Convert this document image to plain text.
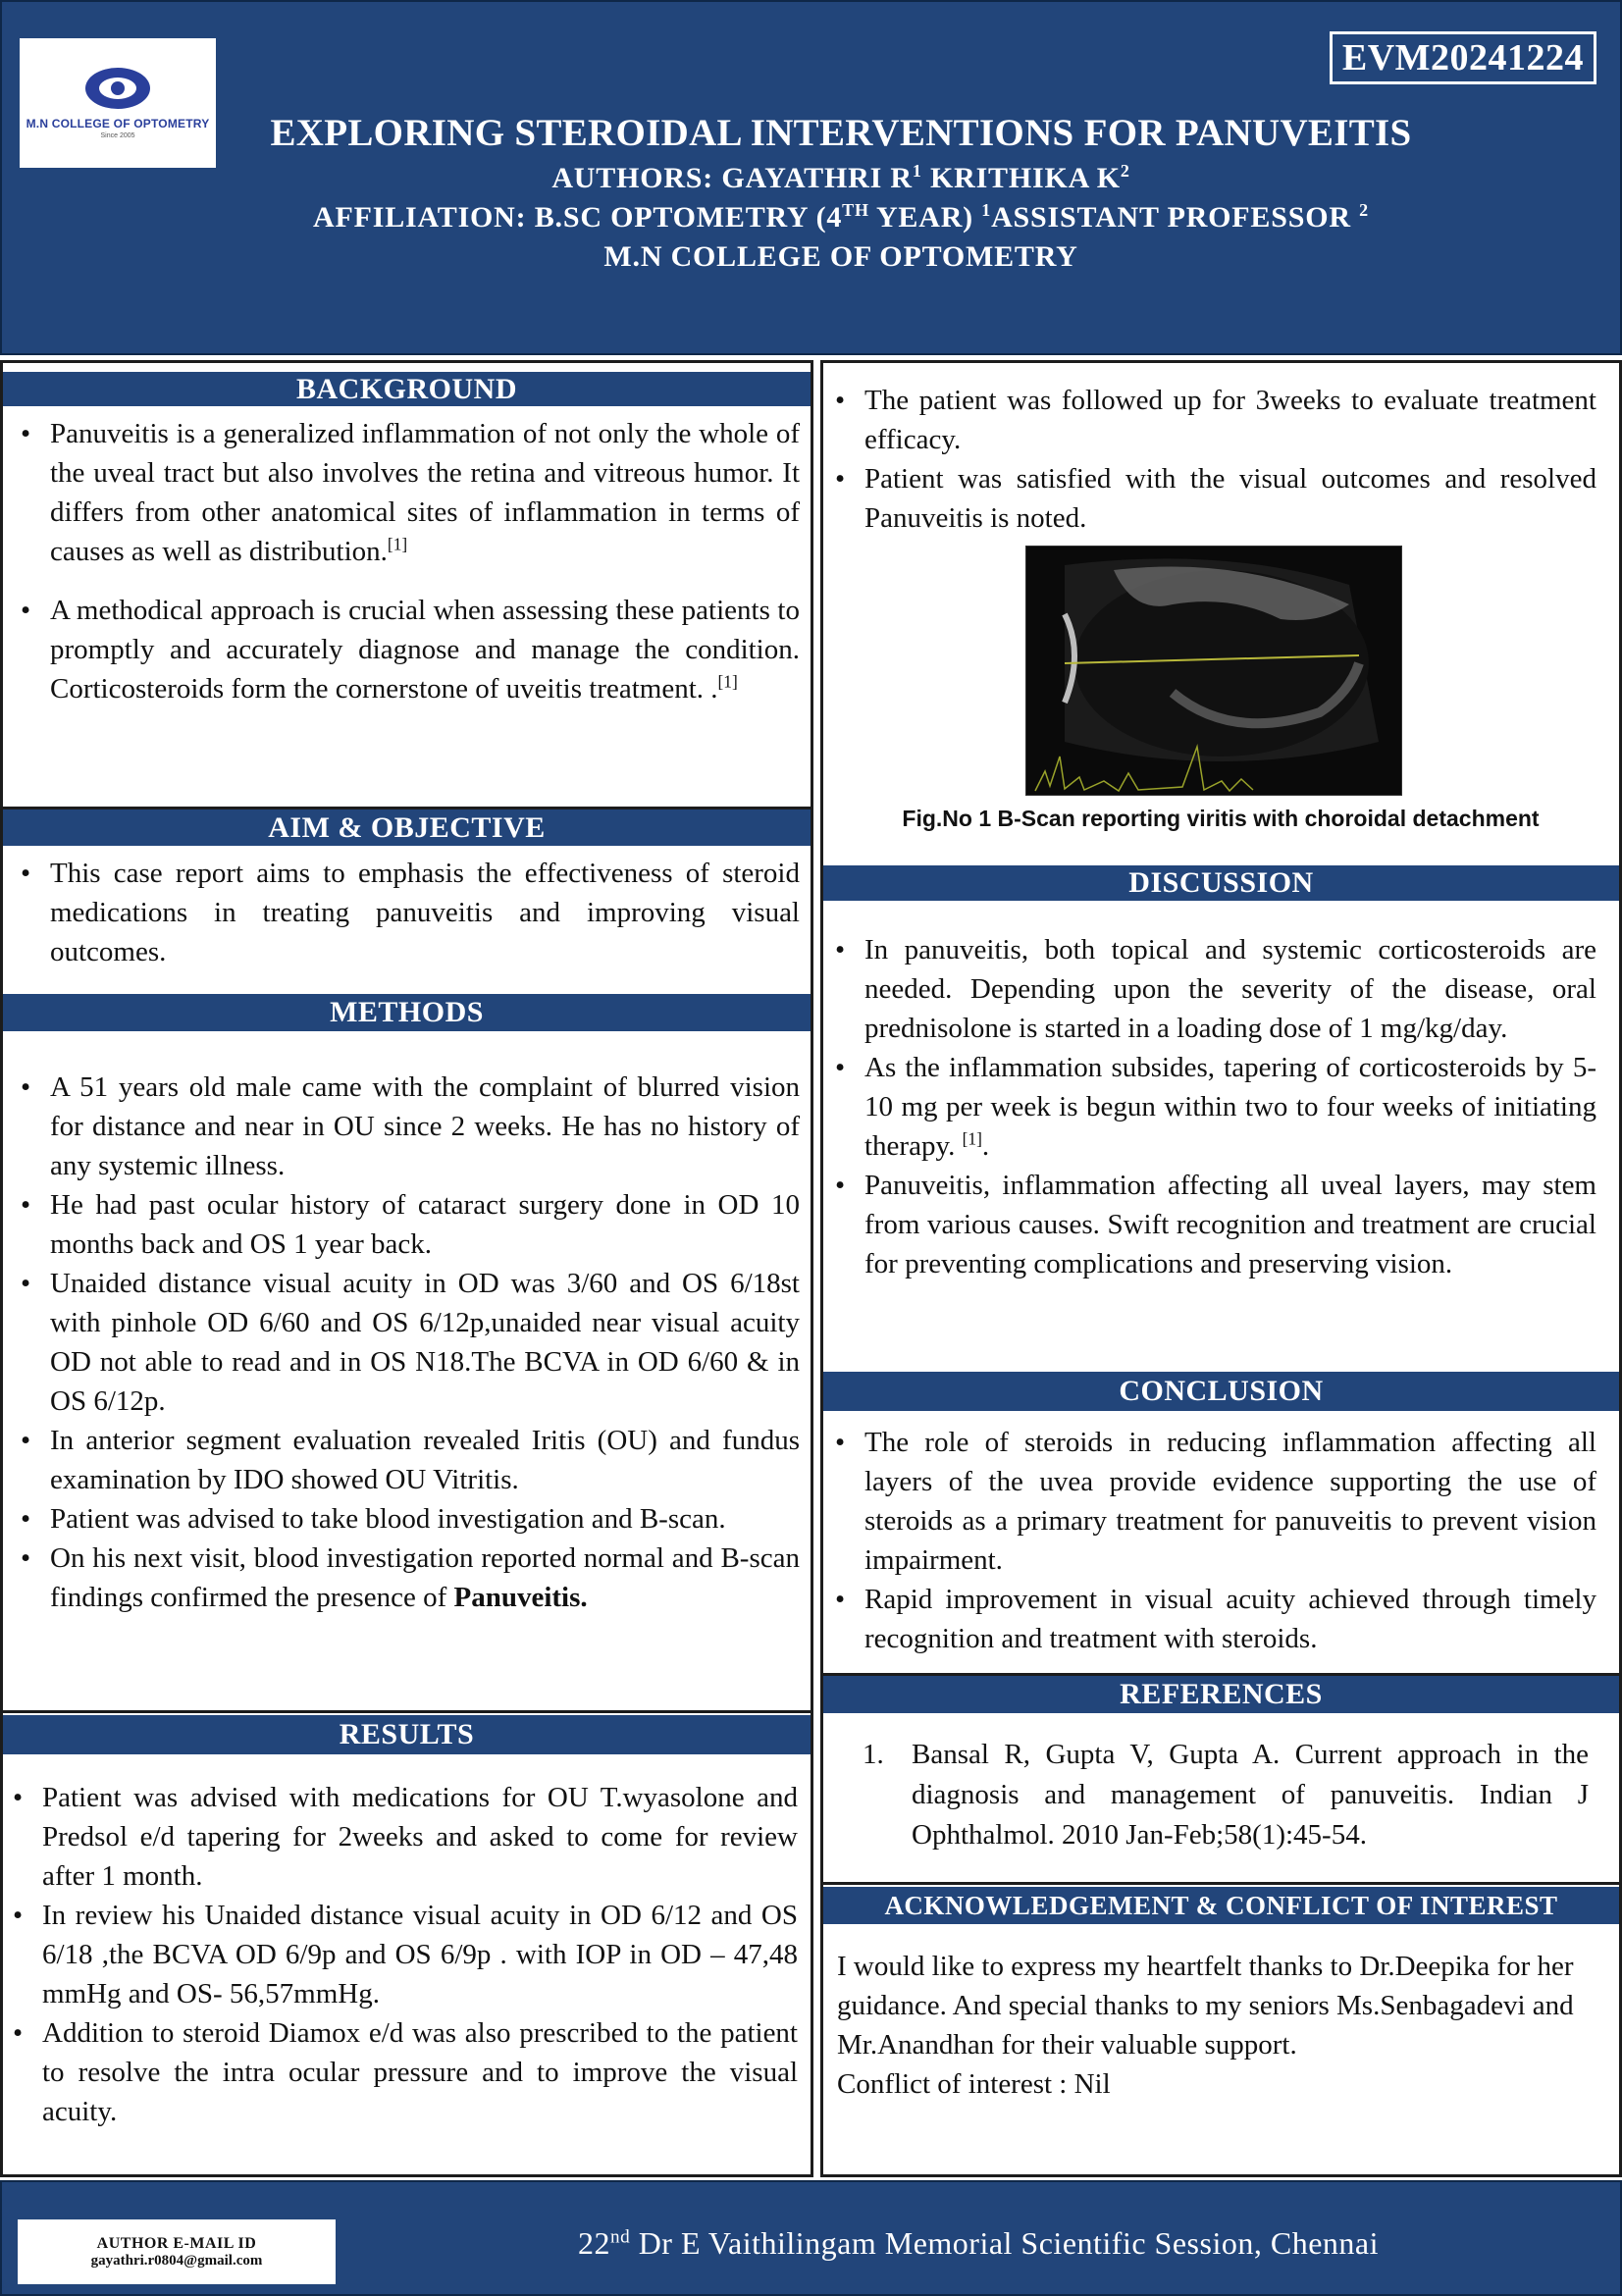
M.N COLLEGE OF OPTOMETRY
Since 2005
EVM20241224
EXPLORING STEROIDAL INTERVENTIONS FOR PANUVEITIS
AUTHORS: GAYATHRI $R^1$ KRITHIKA $K^2$
AFFILIATION: B.SC OPTOMETRY (4TH YEAR) $^1$ASSISTANT PROFESSOR $^2$
M.N COLLEGE OF OPTOMETRY
BACKGROUND
• Panuveitis is a generalized inflammation of not only the whole of the uveal tract but also involves the retina and vitreous humor. It differs from other anatomical sites of inflammation in terms of causes as well as distribution.[1]
• A methodical approach is crucial when assessing these patients to promptly and accurately diagnose and manage the condition. Corticosteroids form the cornerstone of uveitis treatment. .[1]
AIM & OBJECTIVE
• This case report aims to emphasis the effectiveness of steroid medications in treating panuveitis and improving visual outcomes.
METHODS
• A 51 years old male came with the complaint of blurred vision for distance and near in OU since 2 weeks. He has no history of any systemic illness.
• He had past ocular history of cataract surgery done in OD 10 months back and OS 1 year back.
• Unaided distance visual acuity in OD was 3/60 and OS 6/18st with pinhole OD 6/60 and OS 6/12p,unaided near visual acuity OD not able to read and in OS N18.The BCVA in OD 6/60 & in OS 6/12p.
• In anterior segment evaluation revealed Iritis (OU) and fundus examination by IDO showed OU Vitritis.
• Patient was advised to take blood investigation and B-scan.
• On his next visit, blood investigation reported normal and B-scan findings confirmed the presence of Panuveitis.
RESULTS
• Patient was advised with medications for OU T.wyasolone and Predsol e/d tapering for 2weeks and asked to come for review after 1 month.
• In review his Unaided distance visual acuity in OD 6/12 and OS 6/18 ,the BCVA OD 6/9p and OS 6/9p . with IOP in OD – 47,48 mmHg and OS- 56,57mmHg.
• Addition to steroid Diamox e/d was also prescribed to the patient to resolve the intra ocular pressure and to improve the visual acuity.
• The patient was followed up for 3weeks to evaluate treatment efficacy.
• Patient was satisfied with the visual outcomes and resolved Panuveitis is noted.
Fig.No 1 B-Scan reporting viritis with choroidal detachment
DISCUSSION
• In panuveitis, both topical and systemic corticosteroids are needed. Depending upon the severity of the disease, oral prednisolone is started in a loading dose of 1 mg/kg/day.
• As the inflammation subsides, tapering of corticosteroids by 5-10 mg per week is begun within two to four weeks of initiating therapy. [1].
• Panuveitis, inflammation affecting all uveal layers, may stem from various causes. Swift recognition and treatment are crucial for preventing complications and preserving vision.
CONCLUSION
• The role of steroids in reducing inflammation affecting all layers of the uvea provide evidence supporting the use of steroids as a primary treatment for panuveitis to prevent vision impairment.
• Rapid improvement in visual acuity achieved through timely recognition and treatment with steroids.
REFERENCES
1. Bansal R, Gupta V, Gupta A. Current approach in the diagnosis and management of panuveitis. Indian J Ophthalmol. 2010 Jan-Feb;58(1):45-54.
ACKNOWLEDGEMENT & CONFLICT OF INTEREST
I would like to express my heartfelt thanks to Dr.Deepika for her guidance. And special thanks to my seniors Ms.Senbagadevi and Mr.Anandhan for their valuable support.
Conflict of interest : Nil
AUTHOR E-MAIL ID
gayathri.r0804@gmail.com	22nd Dr E Vaithilingam Memorial Scientific Session, Chennai
